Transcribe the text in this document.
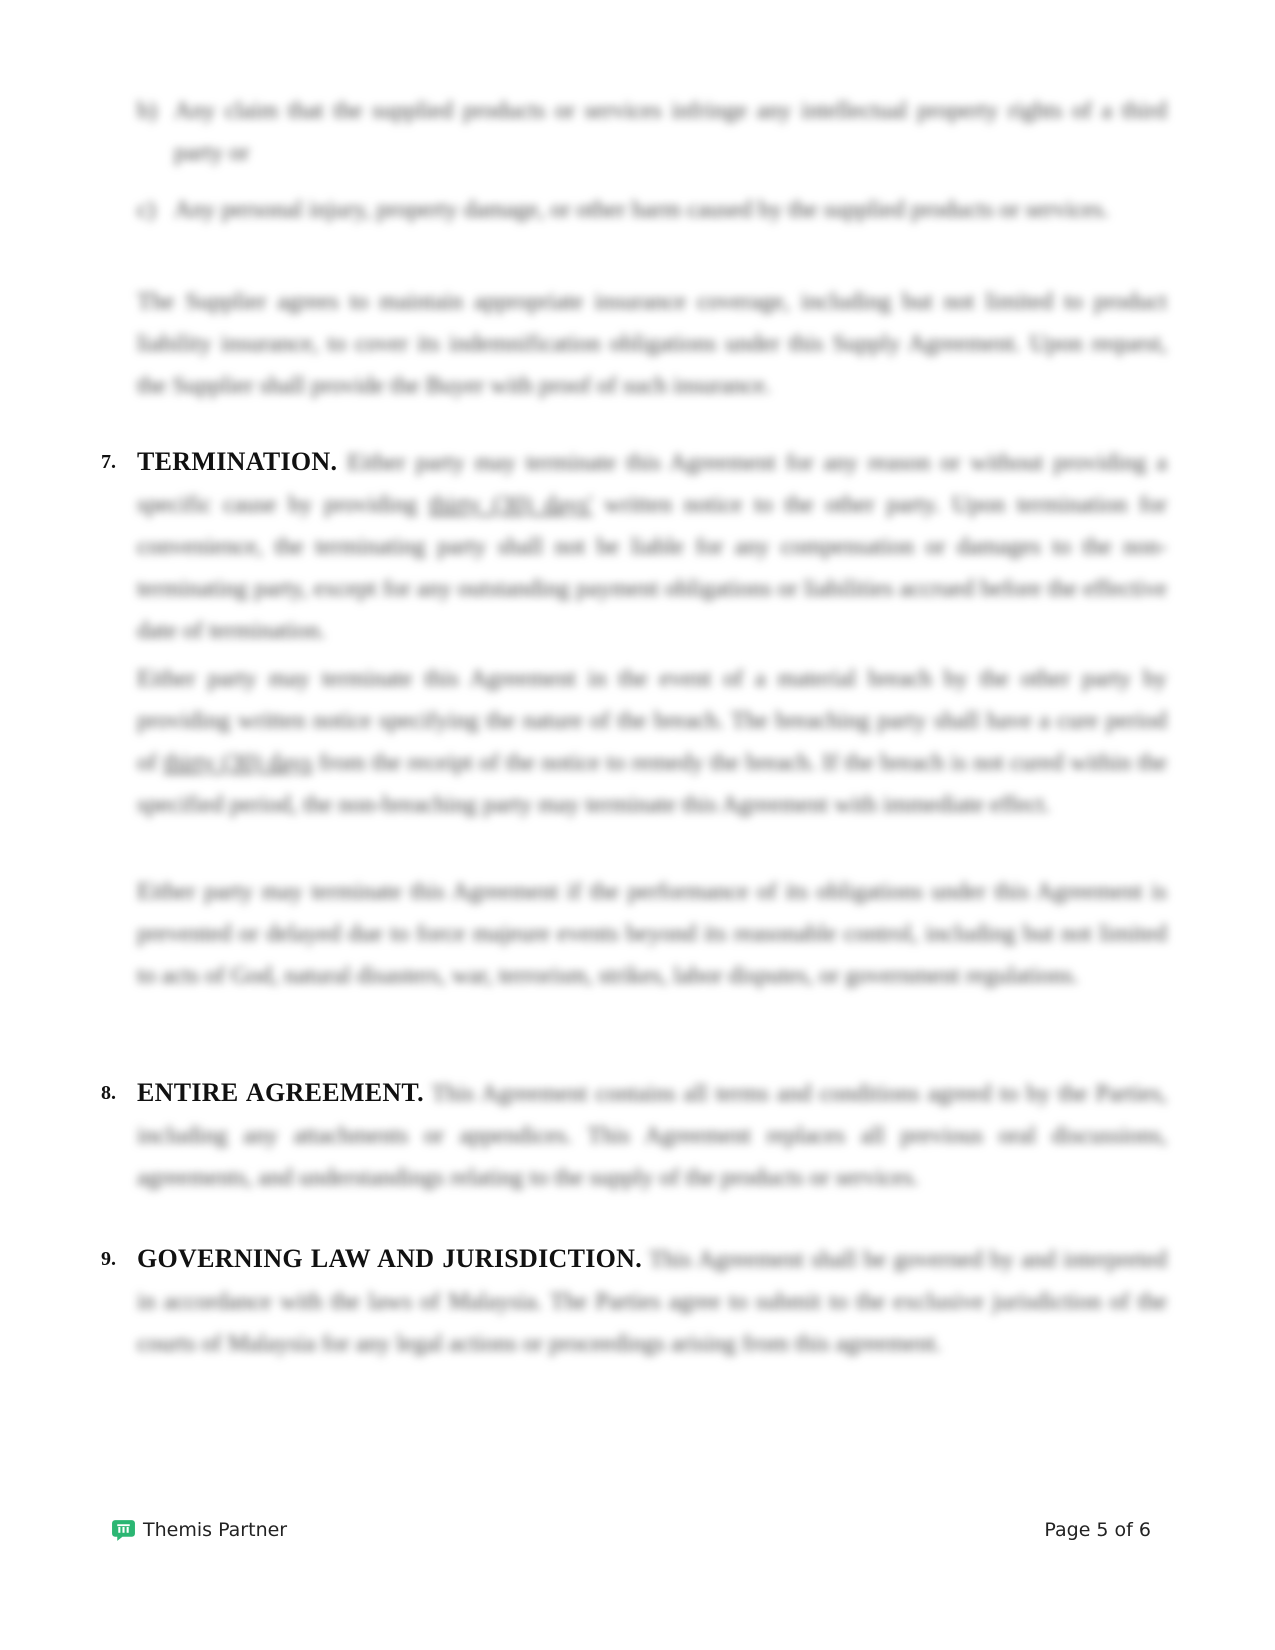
b) Any claim that the supplied products or services infringe any intellectual property rights of a third party or
c) Any personal injury, property damage, or other harm caused by the supplied products or services.
The Supplier agrees to maintain appropriate insurance coverage, including but not limited to product liability insurance, to cover its indemnification obligations under this Supply Agreement. Upon request, the Supplier shall provide the Buyer with proof of such insurance.
7. TERMINATION. Either party may terminate this Agreement for any reason or without providing a specific cause by providing thirty (30) days' written notice to the other party. Upon termination for convenience, the terminating party shall not be liable for any compensation or damages to the non-terminating party, except for any outstanding payment obligations or liabilities accrued before the effective date of termination.
Either party may terminate this Agreement in the event of a material breach by the other party by providing written notice specifying the nature of the breach. The breaching party shall have a cure period of thirty (30) days from the receipt of the notice to remedy the breach. If the breach is not cured within the specified period, the non-breaching party may terminate this Agreement with immediate effect.
Either party may terminate this Agreement if the performance of its obligations under this Agreement is prevented or delayed due to force majeure events beyond its reasonable control, including but not limited to acts of God, natural disasters, war, terrorism, strikes, labor disputes, or government regulations.
8. ENTIRE AGREEMENT. This Agreement contains all terms and conditions agreed to by the Parties, including any attachments or appendices. This Agreement replaces all previous oral discussions, agreements, and understandings relating to the supply of the products or services.
9. GOVERNING LAW AND JURISDICTION. This Agreement shall be governed by and interpreted in accordance with the laws of Malaysia. The Parties agree to submit to the exclusive jurisdiction of the courts of Malaysia for any legal actions or proceedings arising from this agreement.
Themis Partner	Page 5 of 6
